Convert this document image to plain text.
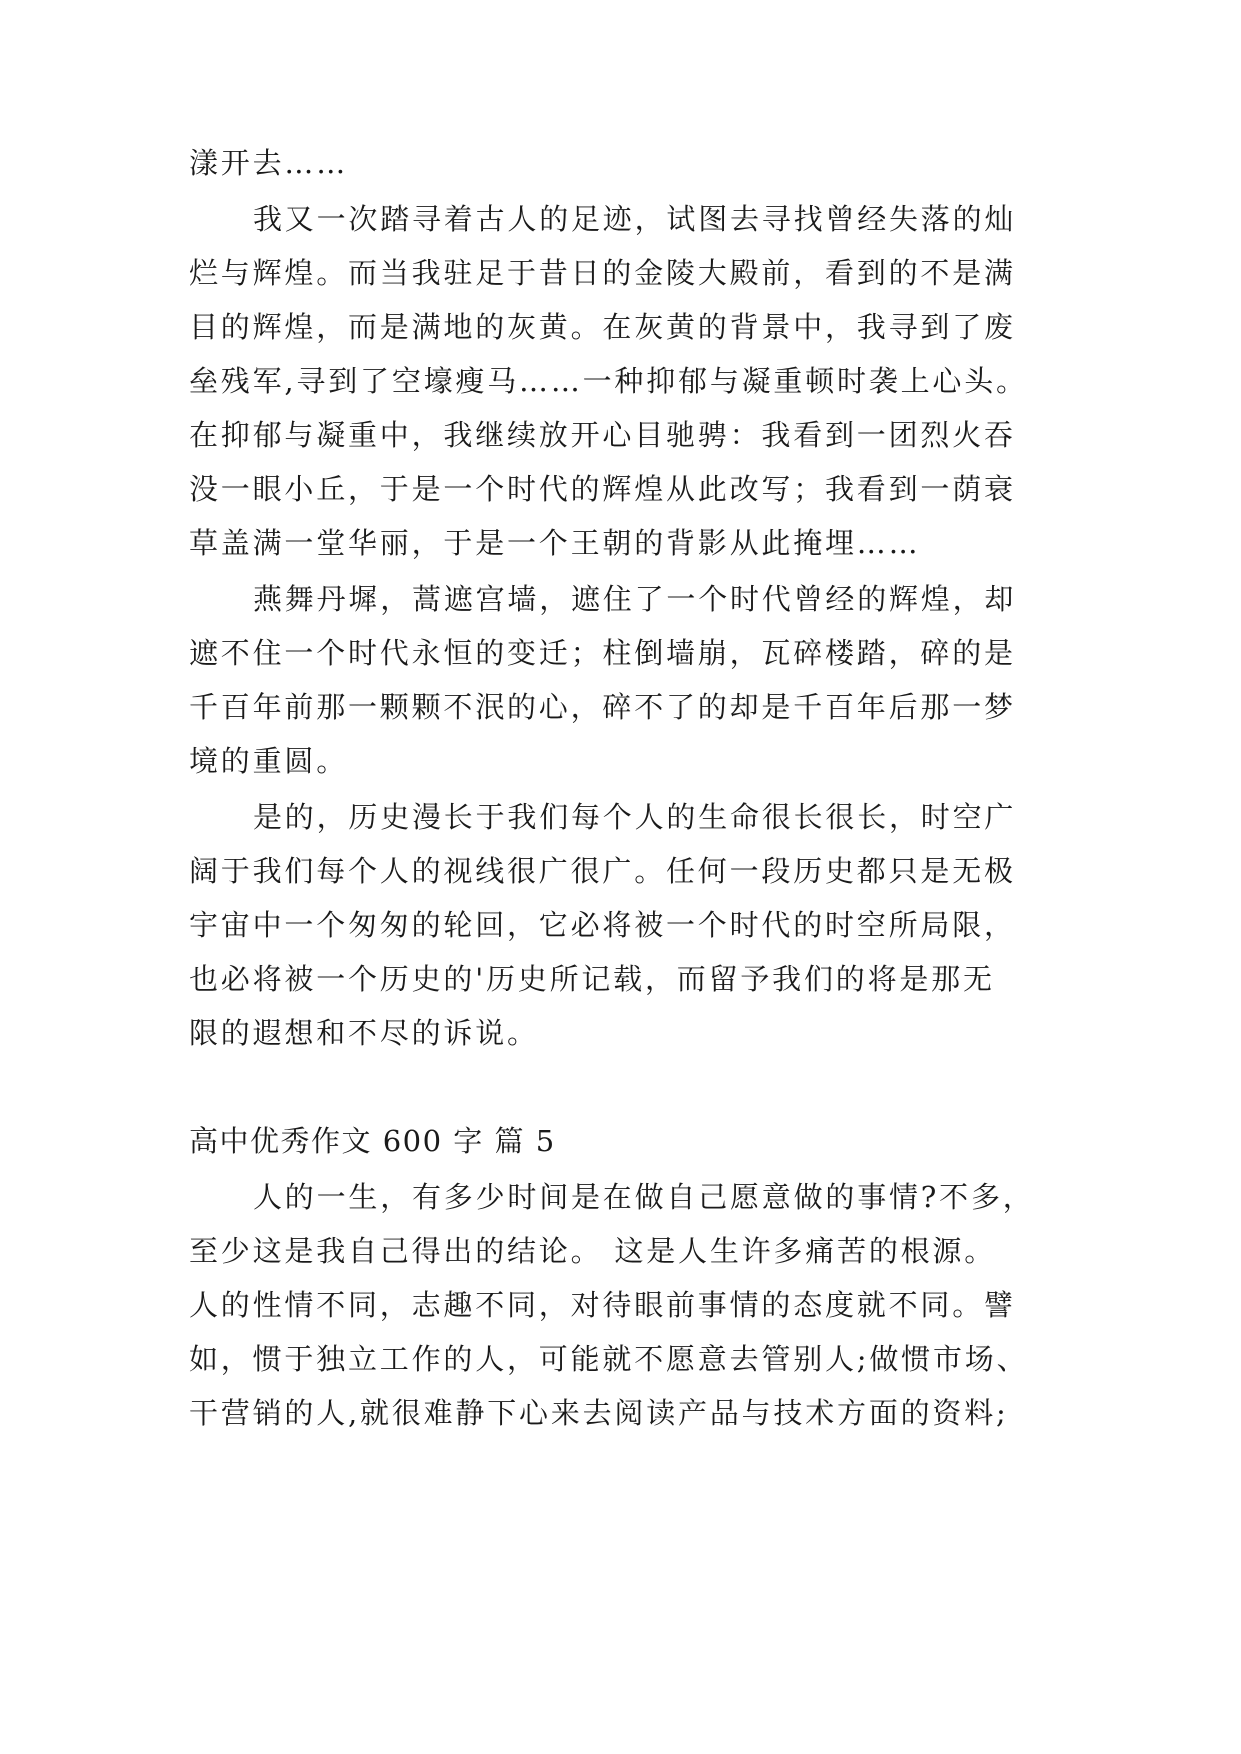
漾开去……
我又一次踏寻着古人的足迹，试图去寻找曾经失落的灿
烂与辉煌。而当我驻足于昔日的金陵大殿前，看到的不是满
目的辉煌，而是满地的灰黄。在灰黄的背景中，我寻到了废
垒残军,寻到了空壕瘦马……一种抑郁与凝重顿时袭上心头。
在抑郁与凝重中，我继续放开心目驰骋：我看到一团烈火吞
没一眼小丘，于是一个时代的辉煌从此改写；我看到一荫衰
草盖满一堂华丽，于是一个王朝的背影从此掩埋……
燕舞丹墀，蒿遮宫墙，遮住了一个时代曾经的辉煌，却
遮不住一个时代永恒的变迁；柱倒墙崩，瓦碎楼踏，碎的是
千百年前那一颗颗不泯的心，碎不了的却是千百年后那一梦
境的重圆。
是的，历史漫长于我们每个人的生命很长很长，时空广
阔于我们每个人的视线很广很广。任何一段历史都只是无极
宇宙中一个匆匆的轮回，它必将被一个时代的时空所局限，
也必将被一个历史的'历史所记载，而留予我们的将是那无
限的遐想和不尽的诉说。
高中优秀作文 600 字 篇 5
人的一生，有多少时间是在做自己愿意做的事情?不多，
至少这是我自己得出的结论。 这是人生许多痛苦的根源。
人的性情不同，志趣不同，对待眼前事情的态度就不同。譬
如，惯于独立工作的人，可能就不愿意去管别人;做惯市场、
干营销的人,就很难静下心来去阅读产品与技术方面的资料;
